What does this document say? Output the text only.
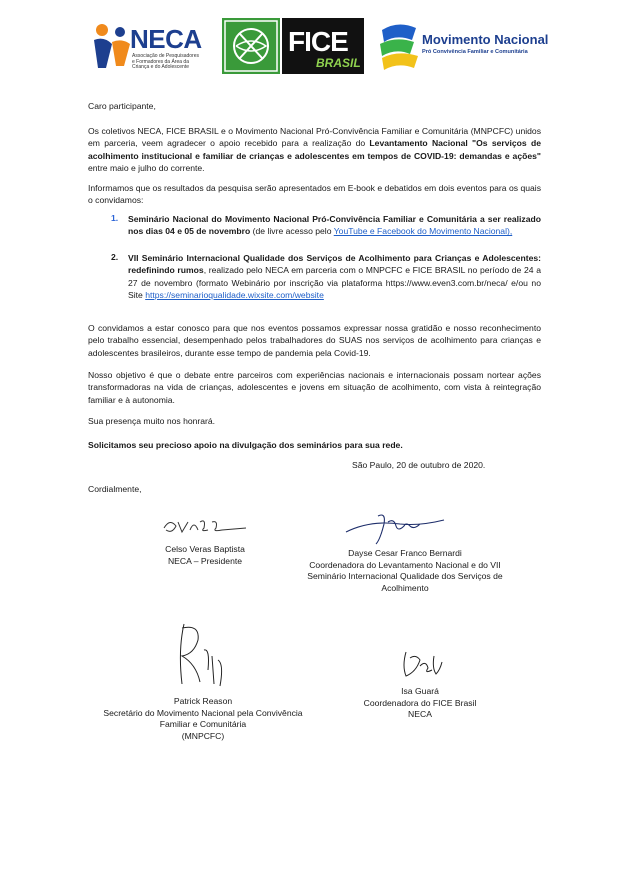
NECA
Associação de Pesquisadores
e Formadores da Área da
Criança e do Adolescente
FICE
BRASIL
Movimento Nacional
Pró Convivência Familiar e Comunitária
Caro participante,
Os coletivos NECA, FICE BRASIL e o Movimento Nacional Pró-Convivência Familiar e Comunitária (MNPCFC) unidos em parceria, veem agradecer o apoio recebido para a realização do Levantamento Nacional "Os serviços de acolhimento institucional e familiar de crianças e adolescentes em tempos de COVID-19: demandas e ações" entre maio e julho do corrente.
Informamos que os resultados da pesquisa serão apresentados em E-book e debatidos em dois eventos para os quais o convidamos:
1. Seminário Nacional do Movimento Nacional Pró-Convivência Familiar e Comunitária a ser realizado nos dias 04 e 05 de novembro (de livre acesso pelo YouTube e Facebook do Movimento Nacional),
2. VII Seminário Internacional Qualidade dos Serviços de Acolhimento para Crianças e Adolescentes: redefinindo rumos, realizado pelo NECA em parceria com o MNPCFC e FICE BRASIL no período de 24 a 27 de novembro (formato Webinário por inscrição via plataforma https://www.even3.com.br/neca/ e/ou no Site https://seminarioqualidade.wixsite.com/website
O convidamos a estar conosco para que nos eventos possamos expressar nossa gratidão e nosso reconhecimento pelo trabalho essencial, desempenhado pelos trabalhadores do SUAS nos serviços de acolhimento para crianças e adolescentes brasileiros, durante esse tempo de pandemia pela Covid-19.
Nosso objetivo é que o debate entre parceiros com experiências nacionais e internacionais possam nortear ações transformadoras na vida de crianças, adolescentes e jovens em situação de acolhimento, com vista à reintegração familiar e à autonomia.
Sua presença muito nos honrará.
Solicitamos seu precioso apoio na divulgação dos seminários para sua rede.
São Paulo, 20 de outubro de 2020.
Cordialmente,
Celso Veras Baptista
NECA – Presidente
Dayse Cesar Franco Bernardi
Coordenadora do Levantamento Nacional e do VII
Seminário Internacional Qualidade dos Serviços de
Acolhimento
Patrick Reason
Secretário do Movimento Nacional pela Convivência
Familiar e Comunitária
(MNPCFC)
Isa Guará
Coordenadora do FICE Brasil
NECA
